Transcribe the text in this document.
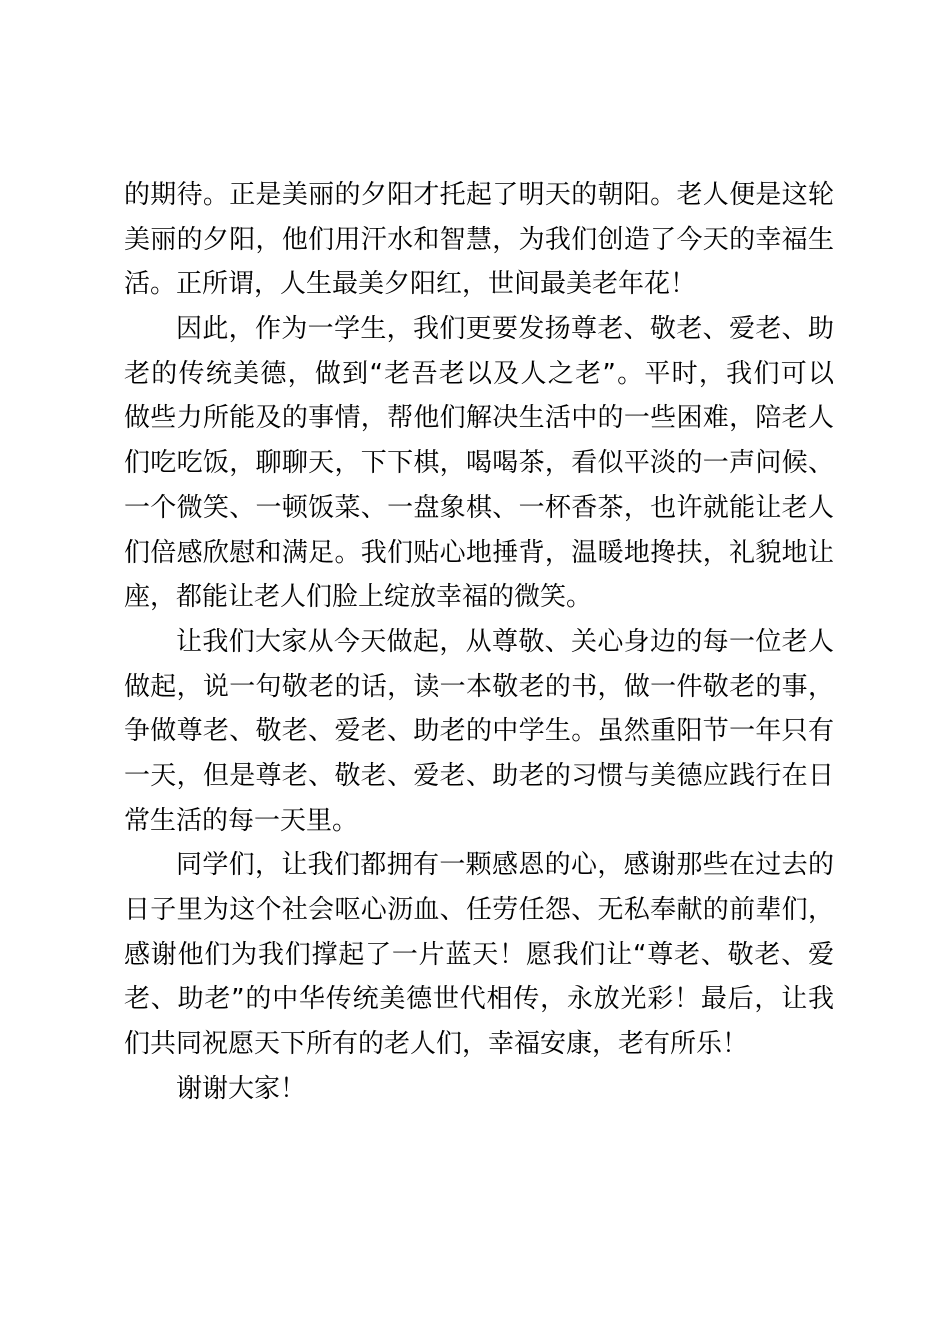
的期待。正是美丽的夕阳才托起了明天的朝阳。老人便是这轮
美丽的夕阳，他们用汗水和智慧，为我们创造了今天的幸福生
活。正所谓，人生最美夕阳红，世间最美老年花！
因此，作为一学生，我们更要发扬尊老、敬老、爱老、助
老的传统美德，做到“老吾老以及人之老”。平时，我们可以
做些力所能及的事情，帮他们解决生活中的一些困难，陪老人
们吃吃饭，聊聊天，下下棋，喝喝茶，看似平淡的一声问候、
一个微笑、一顿饭菜、一盘象棋、一杯香茶，也许就能让老人
们倍感欣慰和满足。我们贴心地捶背，温暖地搀扶，礼貌地让
座，都能让老人们脸上绽放幸福的微笑。
让我们大家从今天做起，从尊敬、关心身边的每一位老人
做起，说一句敬老的话，读一本敬老的书，做一件敬老的事，
争做尊老、敬老、爱老、助老的中学生。虽然重阳节一年只有
一天，但是尊老、敬老、爱老、助老的习惯与美德应践行在日
常生活的每一天里。
同学们，让我们都拥有一颗感恩的心，感谢那些在过去的
日子里为这个社会呕心沥血、任劳任怨、无私奉献的前辈们，
感谢他们为我们撑起了一片蓝天！愿我们让“尊老、敬老、爱
老、助老”的中华传统美德世代相传，永放光彩！最后，让我
们共同祝愿天下所有的老人们，幸福安康，老有所乐！
谢谢大家！
